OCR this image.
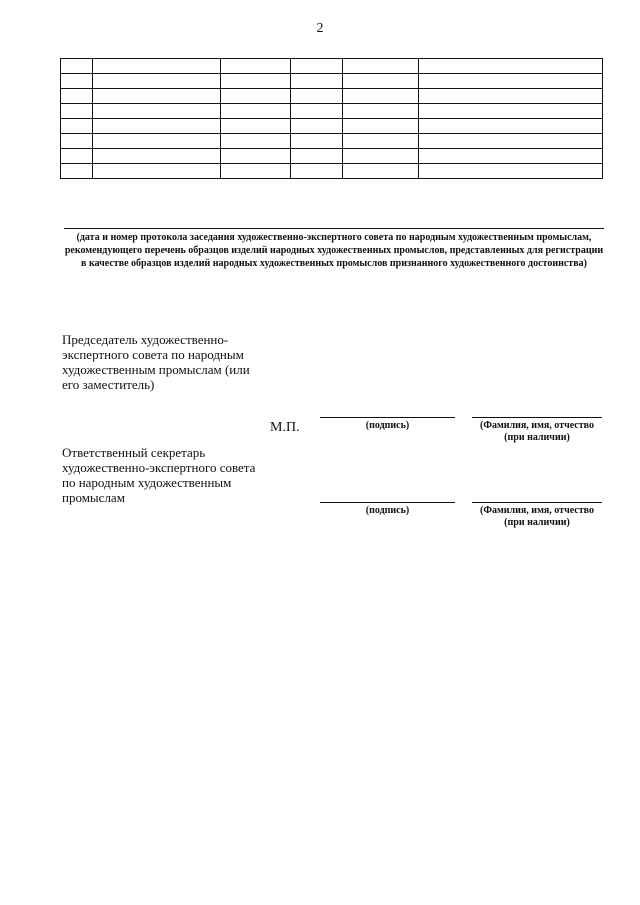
2

(дата и номер протокола заседания художественно-экспертного совета по народным художественным промыслам, рекомендующего перечень образцов изделий народных художественных промыслов, представленных для регистрации в качестве образцов изделий народных художественных промыслов признанного художественного достоинства)
Председатель художественно-экспертного совета по народным художественным промыслам (или его заместитель)
М.П.	(подпись)	(Фамилия, имя, отчество (при наличии)
Ответственный секретарь художественно-экспертного совета по народным художественным промыслам
(подпись)	(Фамилия, имя, отчество (при наличии)
